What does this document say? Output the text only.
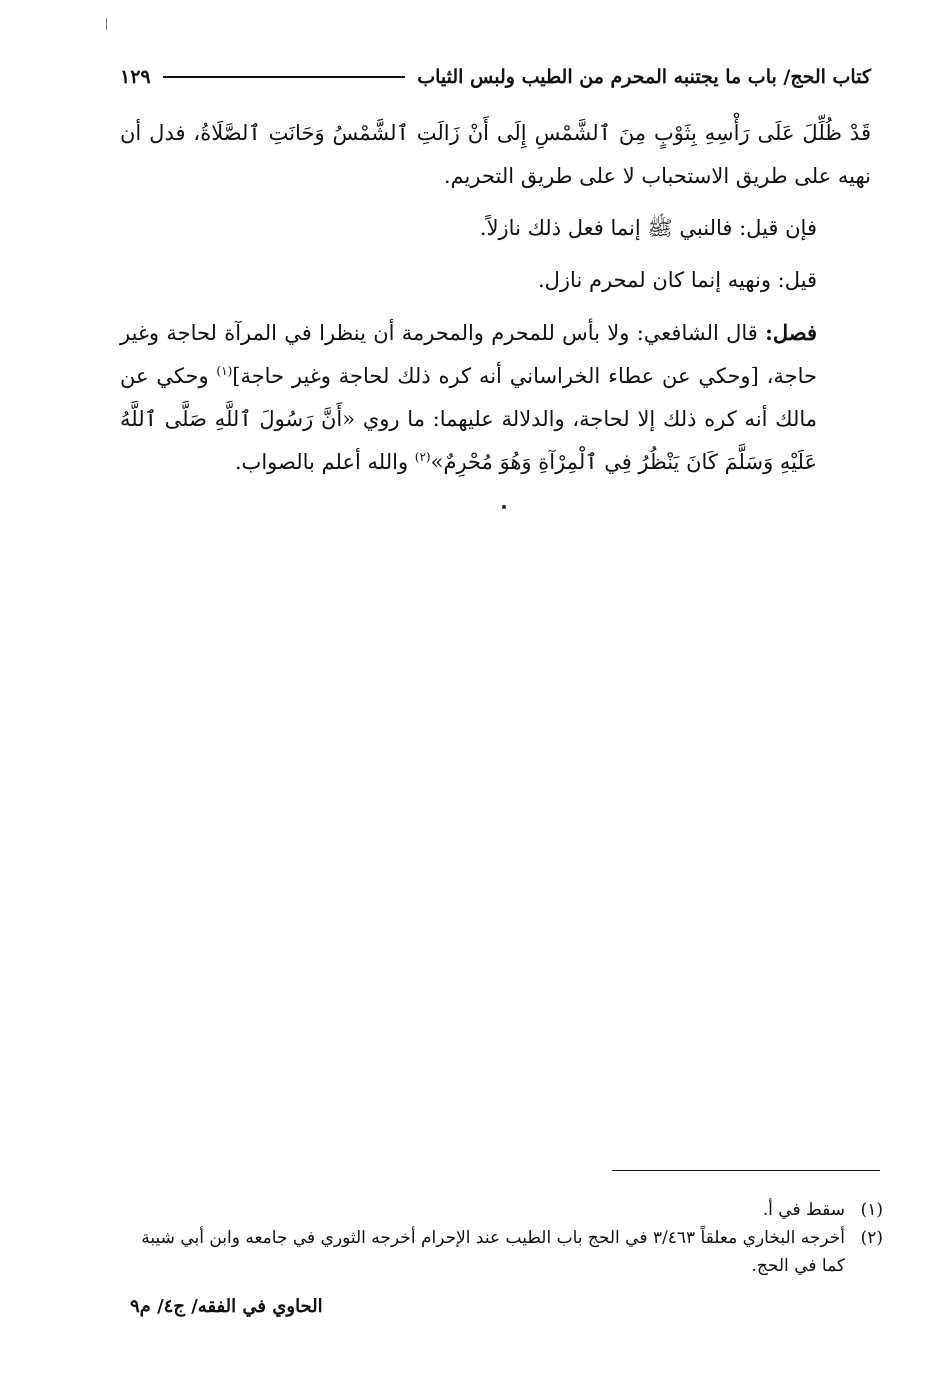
كتاب الحج/ باب ما يجتنبه المحرم من الطيب ولبس الثياب
١٢٩

قَدْ ظُلِّلَ عَلَى رَأْسِهِ بِثَوْبٍ مِنَ ٱلشَّمْسِ إِلَى أَنْ زَالَتِ ٱلشَّمْسُ وَحَانَتِ ٱلصَّلَاةُ، فدل أن نهيه على طريق الاستحباب لا على طريق التحريم.

فإن قيل: فالنبي ﷺ إنما فعل ذلك نازلاً.

قيل: ونهيه إنما كان لمحرم نازل.

فصل: قال الشافعي: ولا بأس للمحرم والمحرمة أن ينظرا في المرآة لحاجة وغير حاجة، [وحكي عن عطاء الخراساني أنه كره ذلك لحاجة وغير حاجة]$^{(١)}$ وحكي عن مالك أنه كره ذلك إلا لحاجة، والدلالة عليهما: ما روي «أَنَّ رَسُولَ ٱللَّهِ صَلَّى ٱللَّهُ عَلَيْهِ وَسَلَّمَ كَانَ يَنْظُرُ فِي ٱلْمِرْآةِ وَهُوَ مُحْرِمٌ»$^{(٢)}$ والله أعلم بالصواب.

(١)
سقط في أ.
(٢)
أخرجه البخاري معلقاً ٣/٤٦٣ في الحج باب الطيب عند الإحرام أخرجه الثوري في جامعه وابن أبي شيبة كما في الحج.
الحاوي في الفقه/ ج٤/ م٩
